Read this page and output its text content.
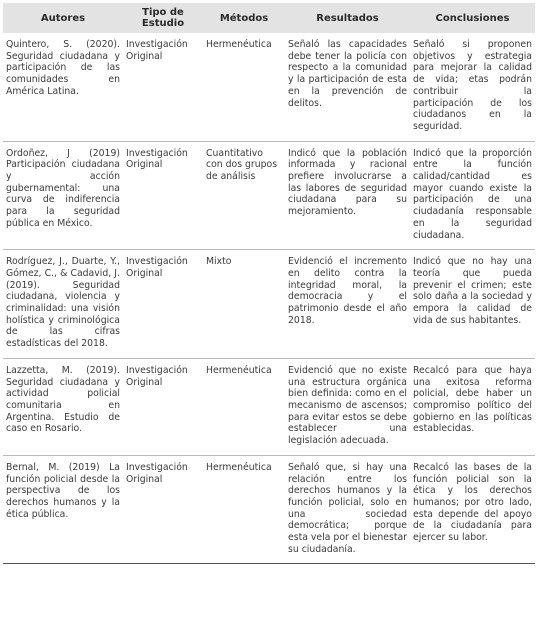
Autores	Tipo de Estudio	Métodos	Resultados	Conclusiones
Quintero, S. (2020). Seguridad ciudadana y participación de las comunidades en América Latina.	Investigación Original	Hermenéutica	Señaló las capacidades debe tener la policía con respecto a la comunidad y la participación de esta en la prevención de delitos.	Señaló si proponen objetivos y estrategia para mejorar la calidad de vida; etas podrán contribuir la participación de los ciudadanos en la seguridad.
Ordoñez, J (2019) Participación ciudadana y acción gubernamental: una curva de indiferencia para la seguridad pública en México.	Investigación Original	Cuantitativo con dos grupos de análisis	Indicó que la población informada y racional prefiere involucrarse a las labores de seguridad ciudadana para su mejoramiento.	Indicó que la proporción entre la función calidad/cantidad es mayor cuando existe la participación de una ciudadanía responsable en la seguridad ciudadana.
Rodríguez, J., Duarte, Y., Gómez, C., & Cadavid, J. (2019). Seguridad ciudadana, violencia y criminalidad: una visión holística y criminológica de las cifras estadísticas del 2018.	Investigación Original	Mixto	Evidenció el incremento en delito contra la integridad moral, la democracia y el patrimonio desde el año 2018.	Indicó que no hay una teoría que pueda prevenir el crimen; este solo daña a la sociedad y empora la calidad de vida de sus habitantes.
Lazzetta, M. (2019). Seguridad ciudadana y actividad policial comunitaria en Argentina. Estudio de caso en Rosario.	Investigación Original	Hermenéutica	Evidenció que no existe una estructura orgánica bien definida: como en el mecanismo de ascensos; para evitar estos se debe establecer una legislación adecuada.	Recalcó para que haya una exitosa reforma policial, debe haber un compromiso político del gobierno en las políticas establecidas.
Bernal, M. (2019) La función policial desde la perspectiva de los derechos humanos y la ética pública.	Investigación Original	Hermenéutica	Señaló que, si hay una relación entre los derechos humanos y la función policial, solo en una sociedad democrática; porque esta vela por el bienestar su ciudadanía.	Recalcó las bases de la función policial son la ética y los derechos humanos; por otro lado, esta depende del apoyo de la ciudadanía para ejercer su labor.
